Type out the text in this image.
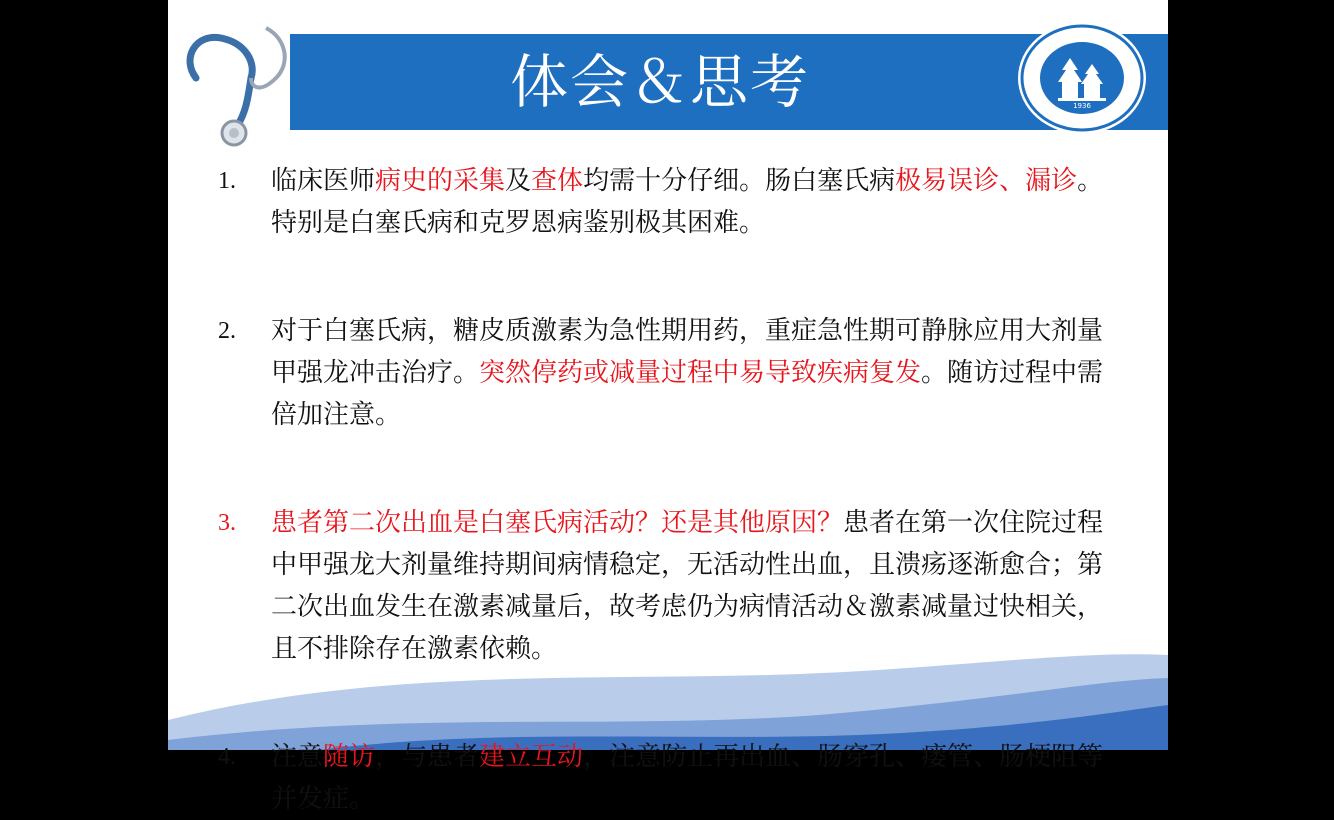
体会＆思考	1936
1. 临床医师病史的采集及查体均需十分仔细。肠白塞氏病极易误诊、漏诊。特别是白塞氏病和克罗恩病鉴别极其困难。
2. 对于白塞氏病，糖皮质激素为急性期用药，重症急性期可静脉应用大剂量甲强龙冲击治疗。突然停药或减量过程中易导致疾病复发。随访过程中需倍加注意。
3. 患者第二次出血是白塞氏病活动？还是其他原因？患者在第一次住院过程中甲强龙大剂量维持期间病情稳定，无活动性出血，且溃疡逐渐愈合；第二次出血发生在激素减量后，故考虑仍为病情活动＆激素减量过快相关，且不排除存在激素依赖。
4. 注意随访，与患者建立互动，注意防止再出血、肠穿孔、瘘管、肠梗阻等并发症。
